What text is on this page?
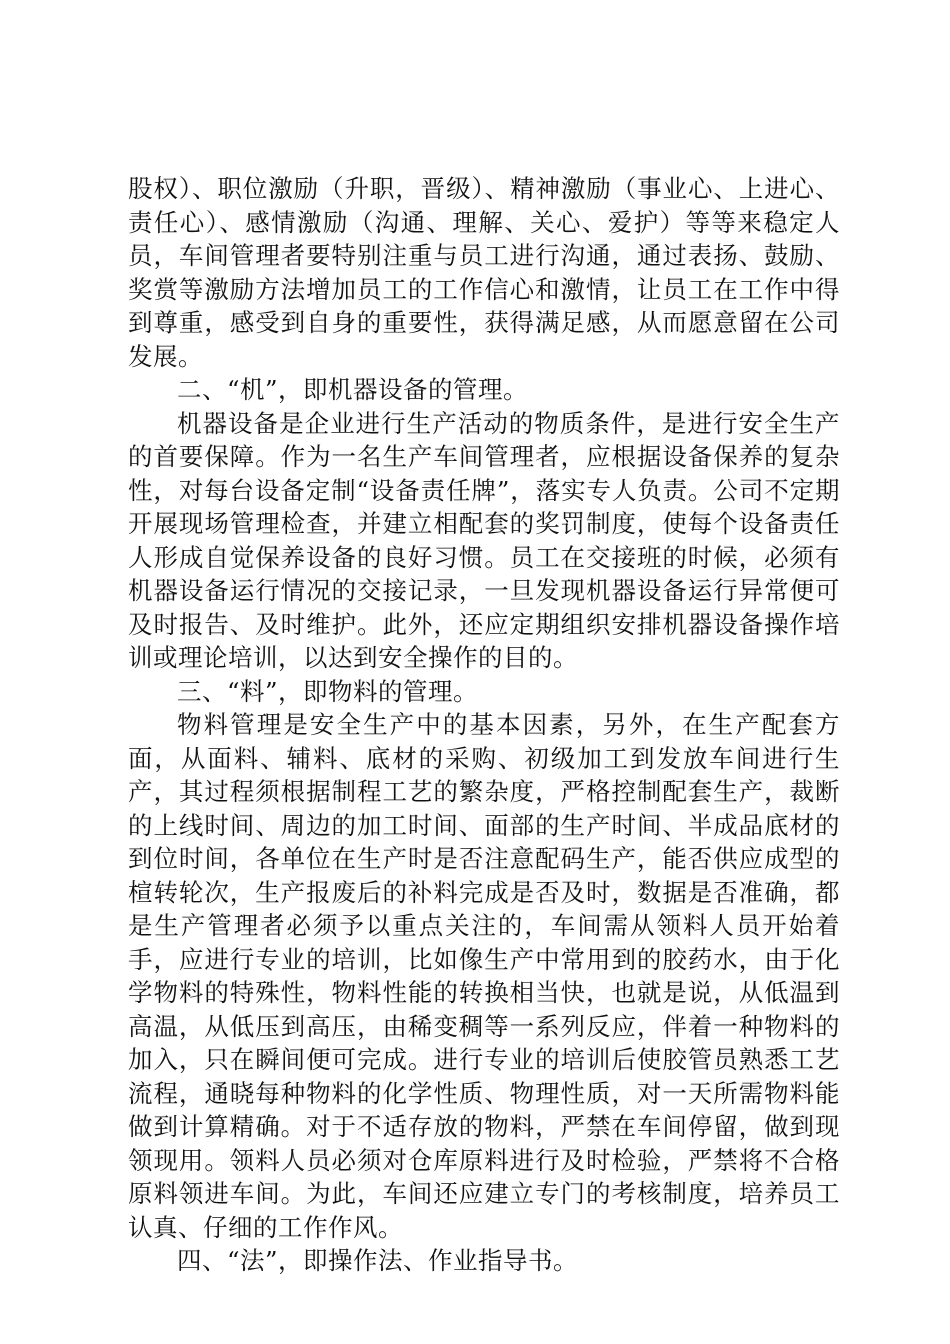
股权）、职位激励（升职，晋级）、精神激励（事业心、上进心、责任心）、感情激励（沟通、理解、关心、爱护）等等来稳定人员，车间管理者要特别注重与员工进行沟通，通过表扬、鼓励、奖赏等激励方法增加员工的工作信心和激情，让员工在工作中得到尊重，感受到自身的重要性，获得满足感，从而愿意留在公司发展。

二、“机”，即机器设备的管理。

机器设备是企业进行生产活动的物质条件，是进行安全生产的首要保障。作为一名生产车间管理者，应根据设备保养的复杂性，对每台设备定制“设备责任牌”，落实专人负责。公司不定期开展现场管理检查，并建立相配套的奖罚制度，使每个设备责任人形成自觉保养设备的良好习惯。员工在交接班的时候，必须有机器设备运行情况的交接记录，一旦发现机器设备运行异常便可及时报告、及时维护。此外，还应定期组织安排机器设备操作培训或理论培训，以达到安全操作的目的。

三、“料”，即物料的管理。

物料管理是安全生产中的基本因素，另外，在生产配套方面，从面料、辅料、底材的采购、初级加工到发放车间进行生产，其过程须根据制程工艺的繁杂度，严格控制配套生产，裁断的上线时间、周边的加工时间、面部的生产时间、半成品底材的到位时间，各单位在生产时是否注意配码生产，能否供应成型的楦转轮次，生产报废后的补料完成是否及时，数据是否准确，都是生产管理者必须予以重点关注的，车间需从领料人员开始着手，应进行专业的培训，比如像生产中常用到的胶药水，由于化学物料的特殊性，物料性能的转换相当快，也就是说，从低温到高温，从低压到高压，由稀变稠等一系列反应，伴着一种物料的加入，只在瞬间便可完成。进行专业的培训后使胶管员熟悉工艺流程，通晓每种物料的化学性质、物理性质，对一天所需物料能做到计算精确。对于不适存放的物料，严禁在车间停留，做到现领现用。领料人员必须对仓库原料进行及时检验，严禁将不合格原料领进车间。为此，车间还应建立专门的考核制度，培养员工认真、仔细的工作作风。

四、“法”，即操作法、作业指导书。
